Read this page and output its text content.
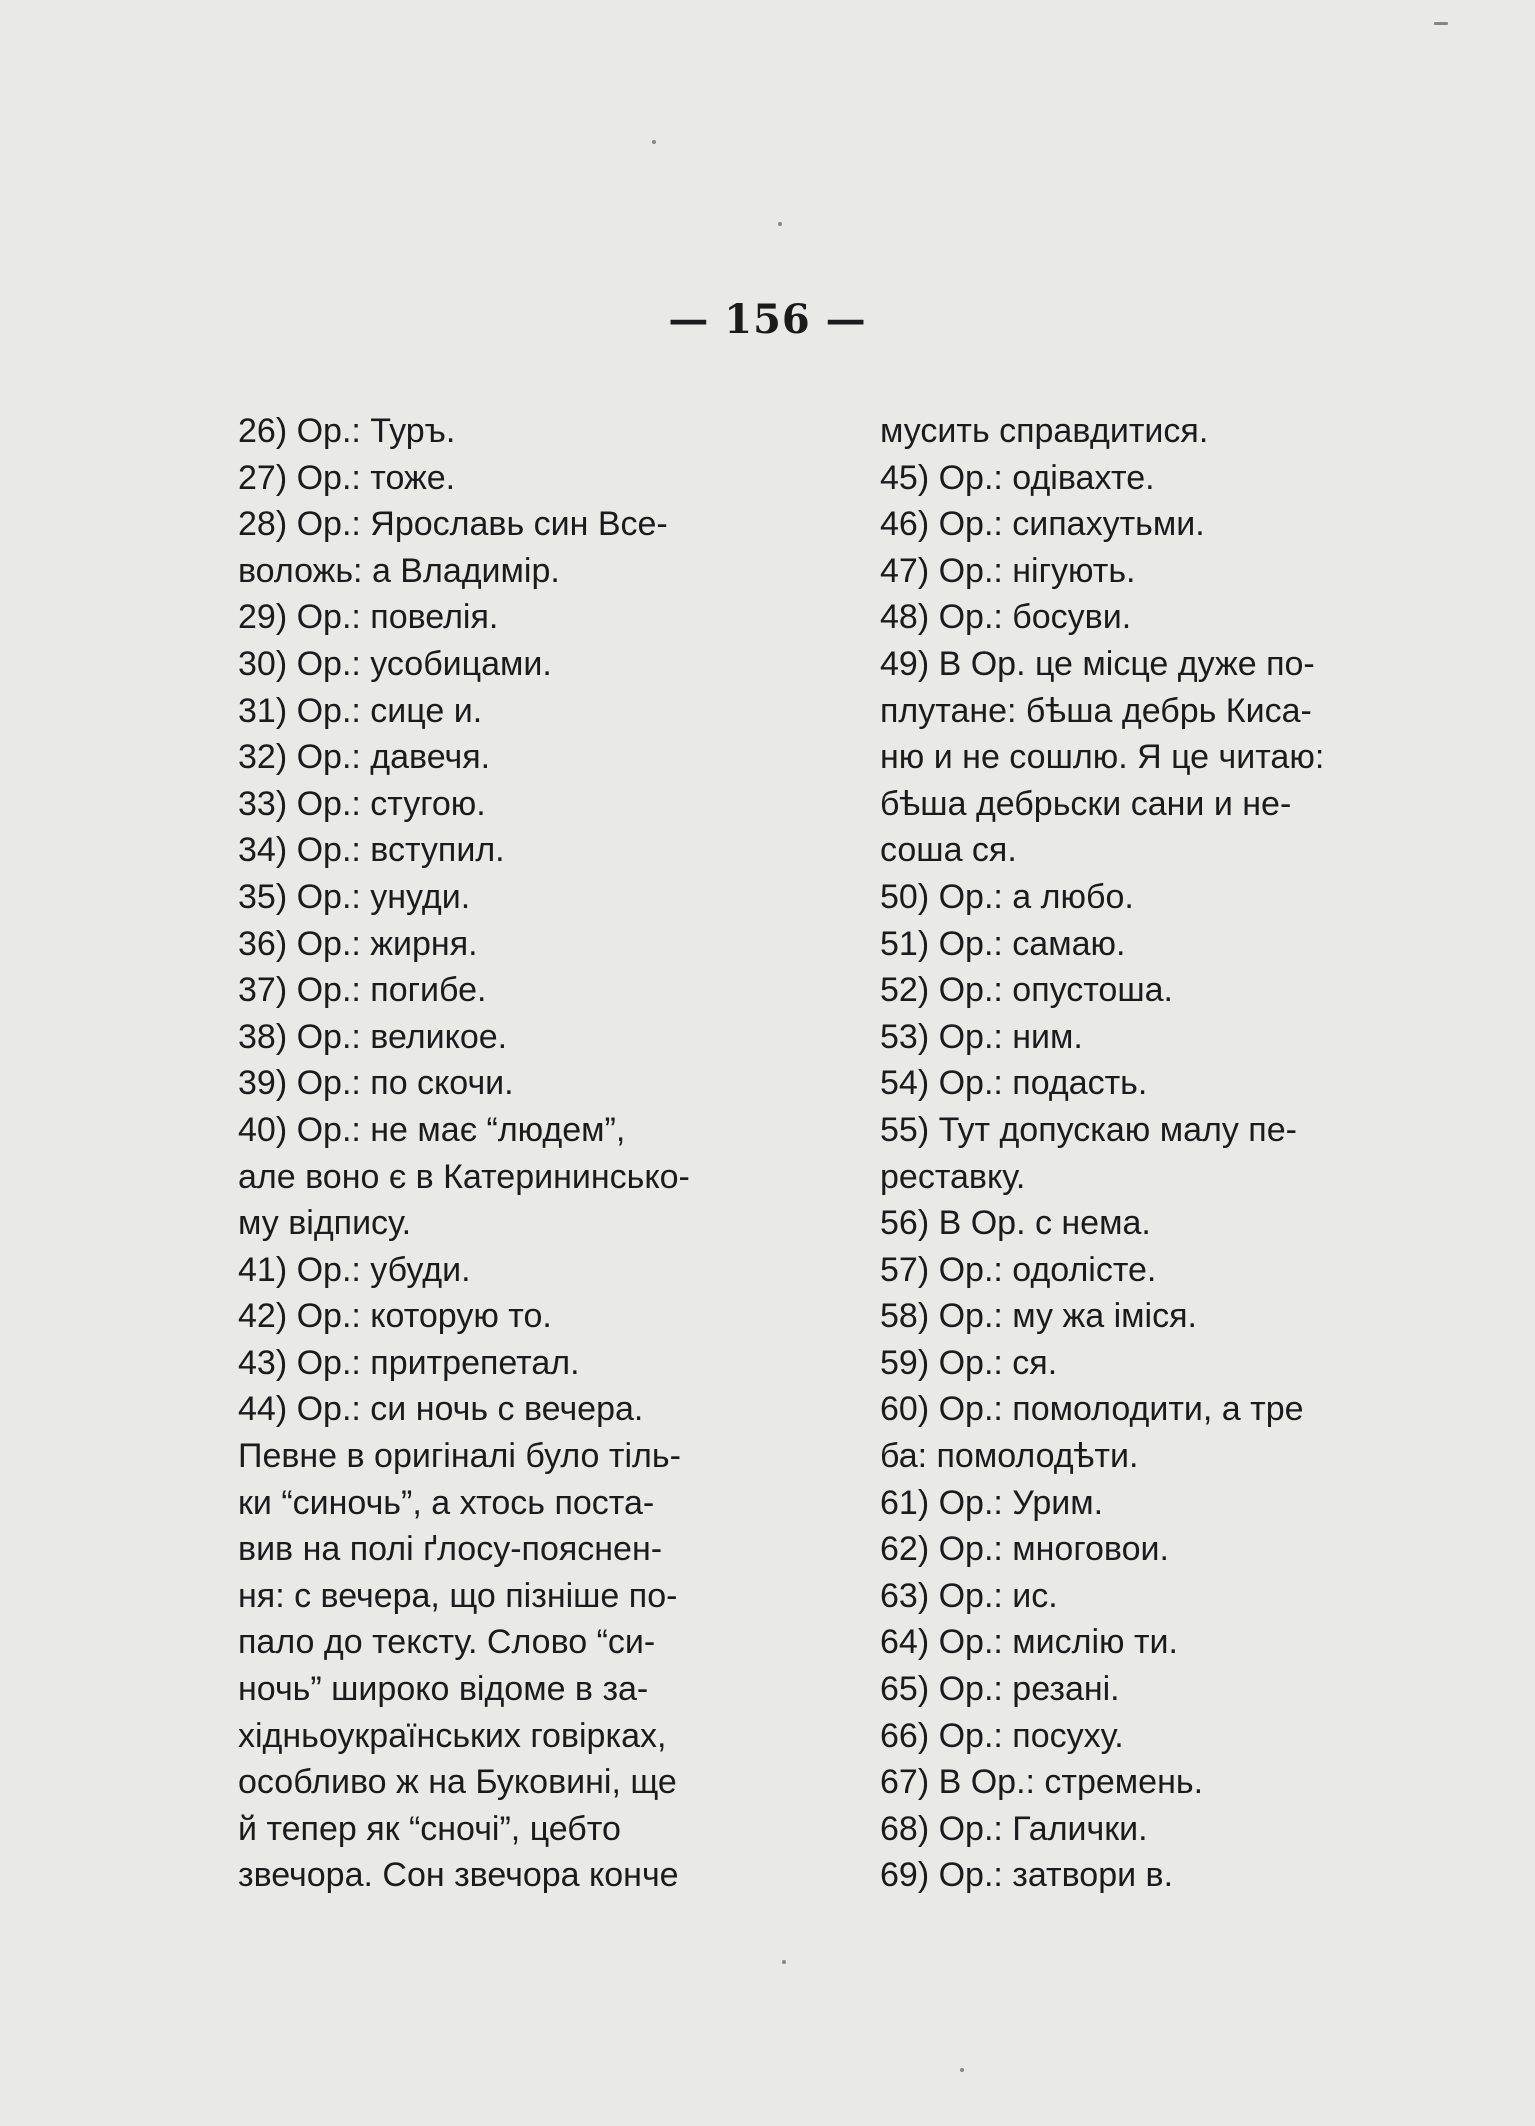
— 156 —
26) Ор.: Туръ.
27) Ор.: тоже.
28) Ор.: Ярославь син Все-
воложь: а Владимір.
29) Ор.: повелія.
30) Ор.: усобицами.
31) Ор.: сице и.
32) Ор.: давечя.
33) Ор.: стугою.
34) Ор.: вступил.
35) Ор.: унуди.
36) Ор.: жирня.
37) Ор.: погибе.
38) Ор.: великое.
39) Ор.: по скочи.
40) Ор.: не має “людем”,
але воно є в Катерининсько-
му відпису.
41) Ор.: убуди.
42) Ор.: которую то.
43) Ор.: притрепетал.
44) Ор.: си ночь с вечера.
Певне в оригіналі було тіль-
ки “синочь”, а хтось поста-
вив на полі ґлосу-пояснен-
ня: с вечера, що пізніше по-
пало до тексту. Слово “си-
ночь” широко відоме в за-
хідньоукраїнських говірках,
особливо ж на Буковині, ще
й тепер як “сночі”, цебто
звечора. Сон звечора конче
мусить справдитися.
45) Ор.: одівахте.
46) Ор.: сипахутьми.
47) Ор.: нігують.
48) Ор.: босуви.
49) В Ор. це місце дуже по-
плутане: бѣша дебрь Киса-
ню и не сошлю. Я це читаю:
бѣша дебрьски сани и не-
соша ся.
50) Ор.: а любо.
51) Ор.: самаю.
52) Ор.: опустоша.
53) Ор.: ним.
54) Ор.: подасть.
55) Тут допускаю малу пе-
реставку.
56) В Ор. с нема.
57) Ор.: одолісте.
58) Ор.: му жа іміся.
59) Ор.: ся.
60) Ор.: помолодити, а тре
ба: помолодѣти.
61) Ор.: Урим.
62) Ор.: многовои.
63) Ор.: ис.
64) Ор.: мислію ти.
65) Ор.: резані.
66) Ор.: посуху.
67) В Ор.: стремень.
68) Ор.: Галички.
69) Ор.: затвори в.
